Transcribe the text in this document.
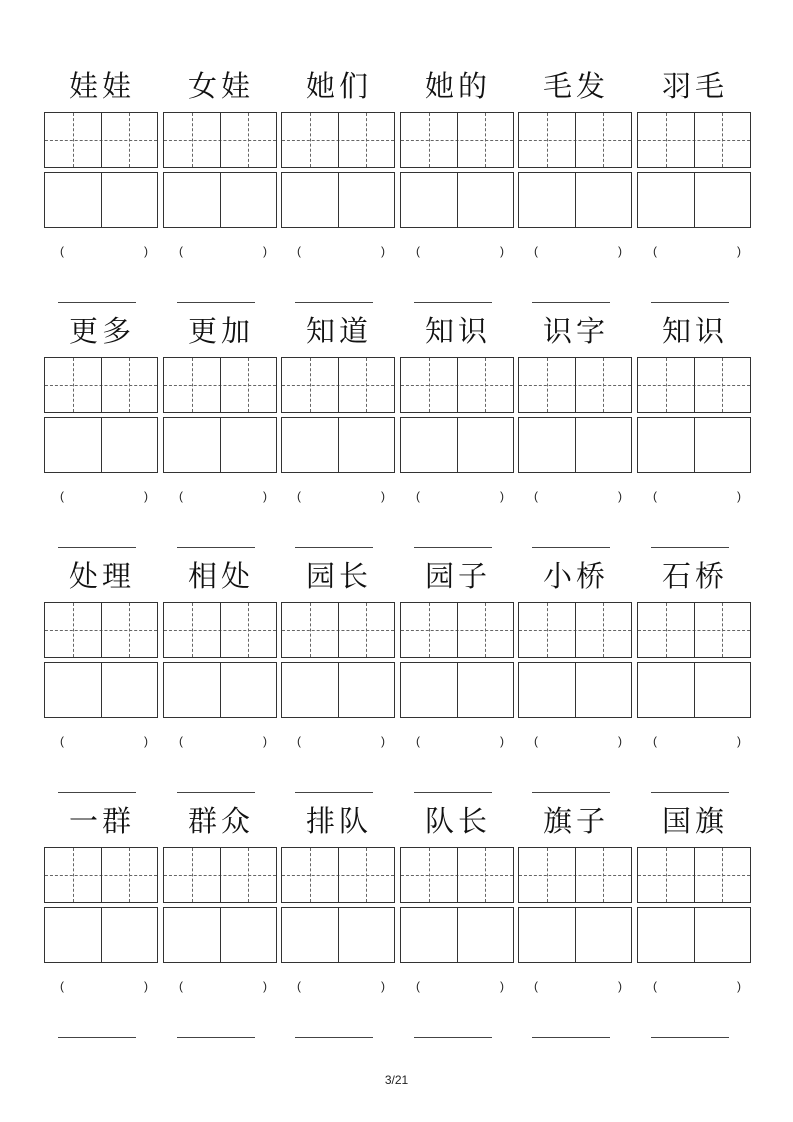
娃娃
(	)
女娃
(	)
她们
(	)
她的
(	)
毛发
(	)
羽毛
(	)
更多
(	)
更加
(	)
知道
(	)
知识
(	)
识字
(	)
知识
(	)
处理
(	)
相处
(	)
园长
(	)
园子
(	)
小桥
(	)
石桥
(	)
一群
(	)
群众
(	)
排队
(	)
队长
(	)
旗子
(	)
国旗
(	)
3/21
